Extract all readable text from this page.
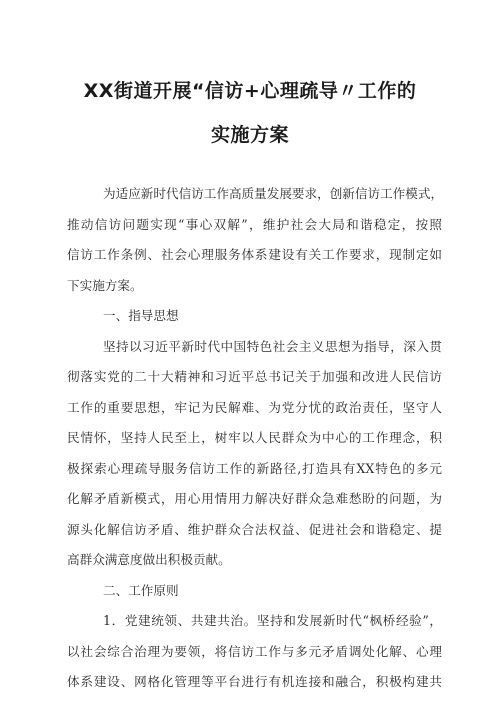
XX街道开展“信访+心理疏导〃工作的
实施方案
为适应新时代信访工作高质量发展要求，创新信访工作模式，
推动信访问题实现“事心双解”，维护社会大局和谐稳定，按照
信访工作条例、社会心理服务体系建设有关工作要求，现制定如
下实施方案。
一、指导思想
坚持以习近平新时代中国特色社会主义思想为指导，深入贯
彻落实党的二十大精神和习近平总书记关于加强和改进人民信访
工作的重要思想，牢记为民解难、为党分忧的政治责任，坚守人
民情怀，坚持人民至上，树牢以人民群众为中心的工作理念，积
极探索心理疏导服务信访工作的新路径,打造具有XX特色的多元
化解矛盾新模式，用心用情用力解决好群众急难愁盼的问题，为
源头化解信访矛盾、维护群众合法权益、促进社会和谐稳定、提
高群众满意度做出积极贡献。
二、工作原则
1．党建统领、共建共治。坚持和发展新时代“枫桥经验”，
以社会综合治理为要领，将信访工作与多元矛盾调处化解、心理
体系建设、网格化管理等平台进行有机连接和融合，积极构建共
